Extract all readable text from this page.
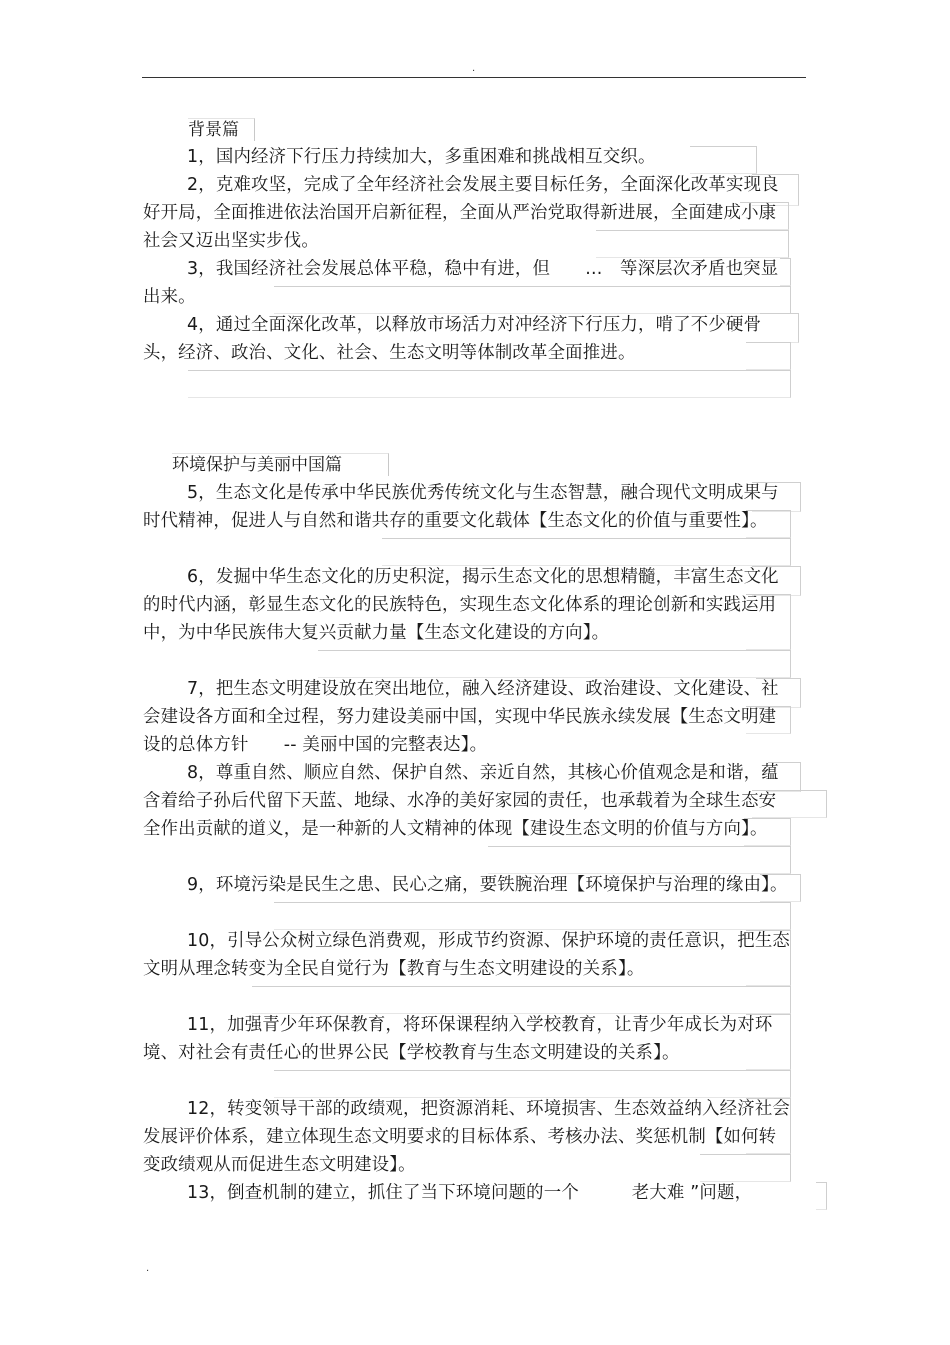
.
背景篇

1，国内经济下行压力持续加大，多重困难和挑战相互交织。

2，克难攻坚，完成了全年经济社会发展主要目标任务，全面深化改革实现良好开局，全面推进依法治国开启新征程，全面从严治党取得新进展，全面建成小康社会又迈出坚实步伐。

3，我国经济社会发展总体平稳，稳中有进，但　　...　等深层次矛盾也突显出来。

4，通过全面深化改革，以释放市场活力对冲经济下行压力，啃了不少硬骨头，经济、政治、文化、社会、生态文明等体制改革全面推进。

环境保护与美丽中国篇

5，生态文化是传承中华民族优秀传统文化与生态智慧，融合现代文明成果与时代精神，促进人与自然和谐共存的重要文化载体【生态文化的价值与重要性】。

6，发掘中华生态文化的历史积淀，揭示生态文化的思想精髓，丰富生态文化的时代内涵，彰显生态文化的民族特色，实现生态文化体系的理论创新和实践运用中，为中华民族伟大复兴贡献力量【生态文化建设的方向】。

7，把生态文明建设放在突出地位，融入经济建设、政治建设、文化建设、社会建设各方面和全过程，努力建设美丽中国，实现中华民族永续发展【生态文明建设的总体方针　　-- 美丽中国的完整表达】。

8，尊重自然、顺应自然、保护自然、亲近自然，其核心价值观念是和谐，蕴含着给子孙后代留下天蓝、地绿、水净的美好家园的责任，也承载着为全球生态安全作出贡献的道义，是一种新的人文精神的体现【建设生态文明的价值与方向】。

9，环境污染是民生之患、民心之痛，要铁腕治理【环境保护与治理的缘由】。

10，引导公众树立绿色消费观，形成节约资源、保护环境的责任意识，把生态文明从理念转变为全民自觉行为【教育与生态文明建设的关系】。

11，加强青少年环保教育，将环保课程纳入学校教育，让青少年成长为对环境、对社会有责任心的世界公民【学校教育与生态文明建设的关系】。

12，转变领导干部的政绩观，把资源消耗、环境损害、生态效益纳入经济社会发展评价体系，建立体现生态文明要求的目标体系、考核办法、奖惩机制【如何转变政绩观从而促进生态文明建设】。

13，倒查机制的建立，抓住了当下环境问题的一个　　　老大难 ”问题，

.
